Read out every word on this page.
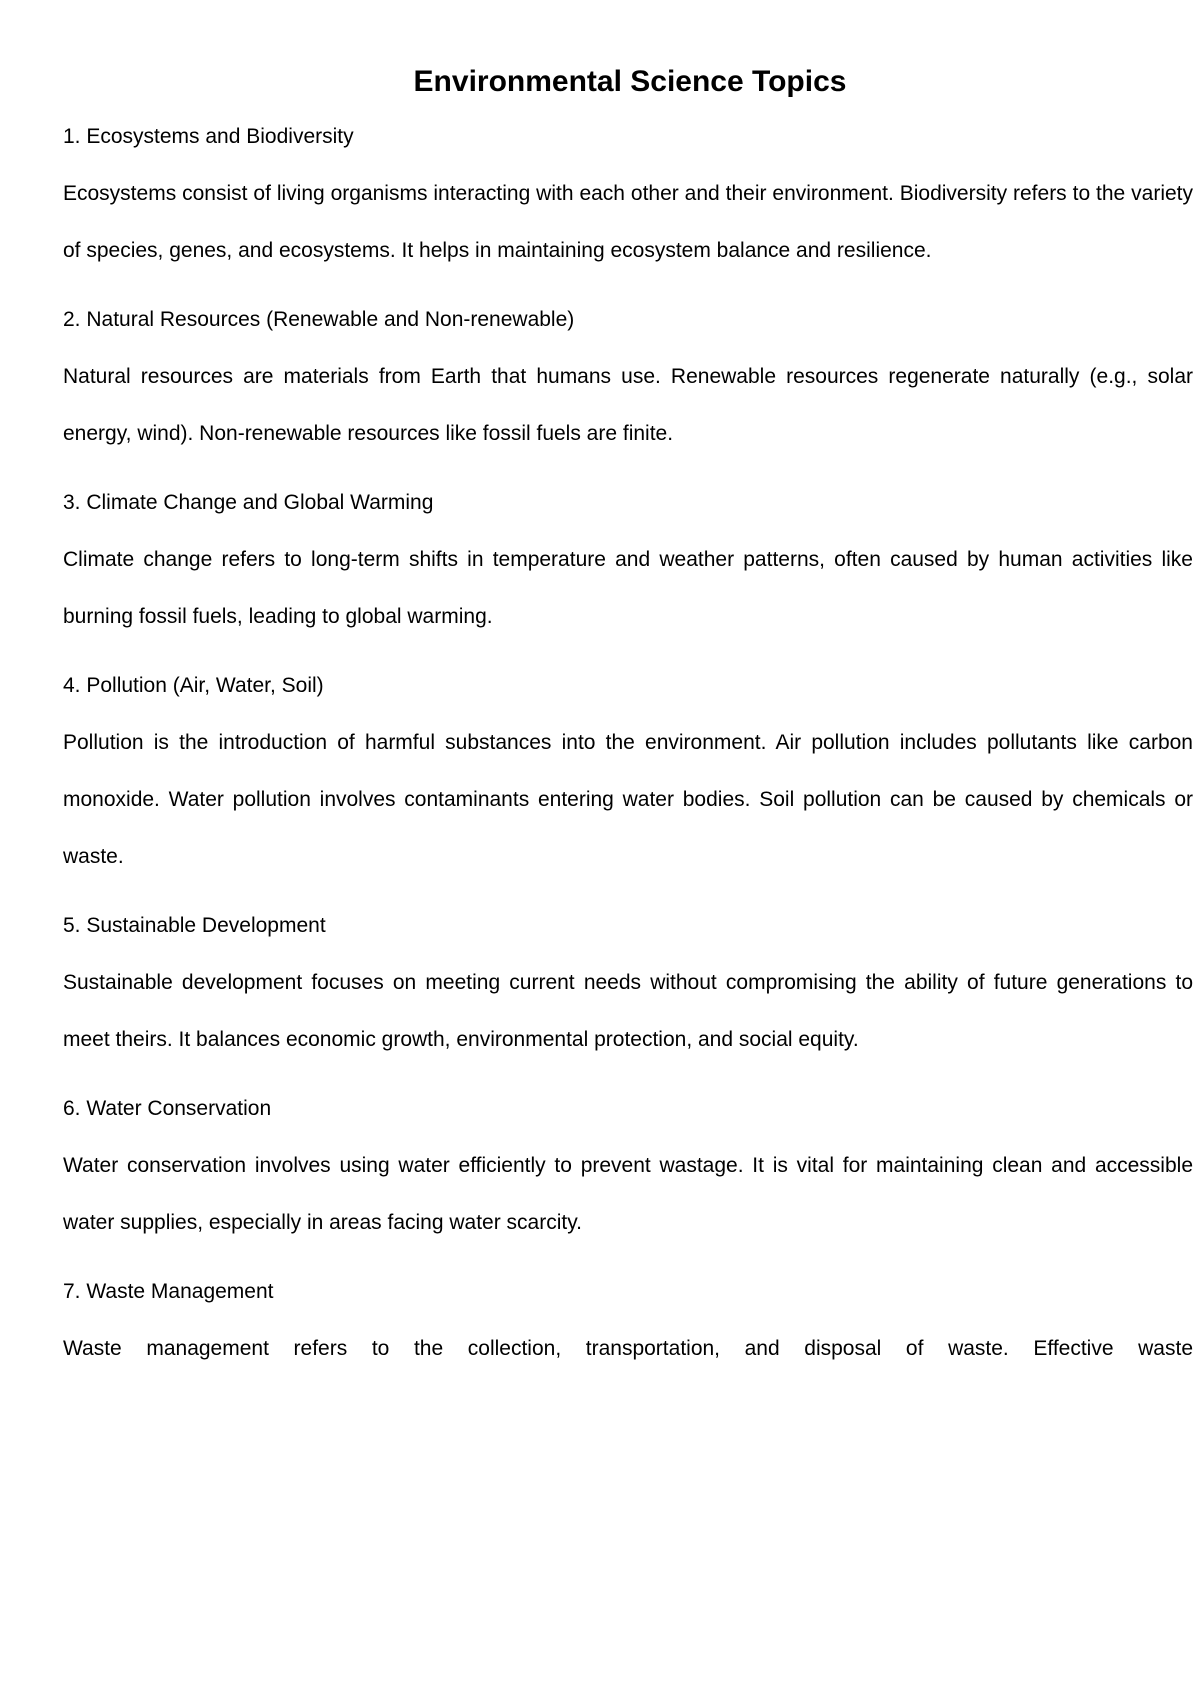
Environmental Science Topics

1. Ecosystems and Biodiversity

Ecosystems consist of living organisms interacting with each other and their environment. Biodiversity refers to the variety of species, genes, and ecosystems. It helps in maintaining ecosystem balance and resilience.

2. Natural Resources (Renewable and Non-renewable)

Natural resources are materials from Earth that humans use. Renewable resources regenerate naturally (e.g., solar energy, wind). Non-renewable resources like fossil fuels are finite.

3. Climate Change and Global Warming

Climate change refers to long-term shifts in temperature and weather patterns, often caused by human activities like burning fossil fuels, leading to global warming.

4. Pollution (Air, Water, Soil)

Pollution is the introduction of harmful substances into the environment. Air pollution includes pollutants like carbon monoxide. Water pollution involves contaminants entering water bodies. Soil pollution can be caused by chemicals or waste.

5. Sustainable Development

Sustainable development focuses on meeting current needs without compromising the ability of future generations to meet theirs. It balances economic growth, environmental protection, and social equity.

6. Water Conservation

Water conservation involves using water efficiently to prevent wastage. It is vital for maintaining clean and accessible water supplies, especially in areas facing water scarcity.

7. Waste Management

Waste management refers to the collection, transportation, and disposal of waste. Effective waste
